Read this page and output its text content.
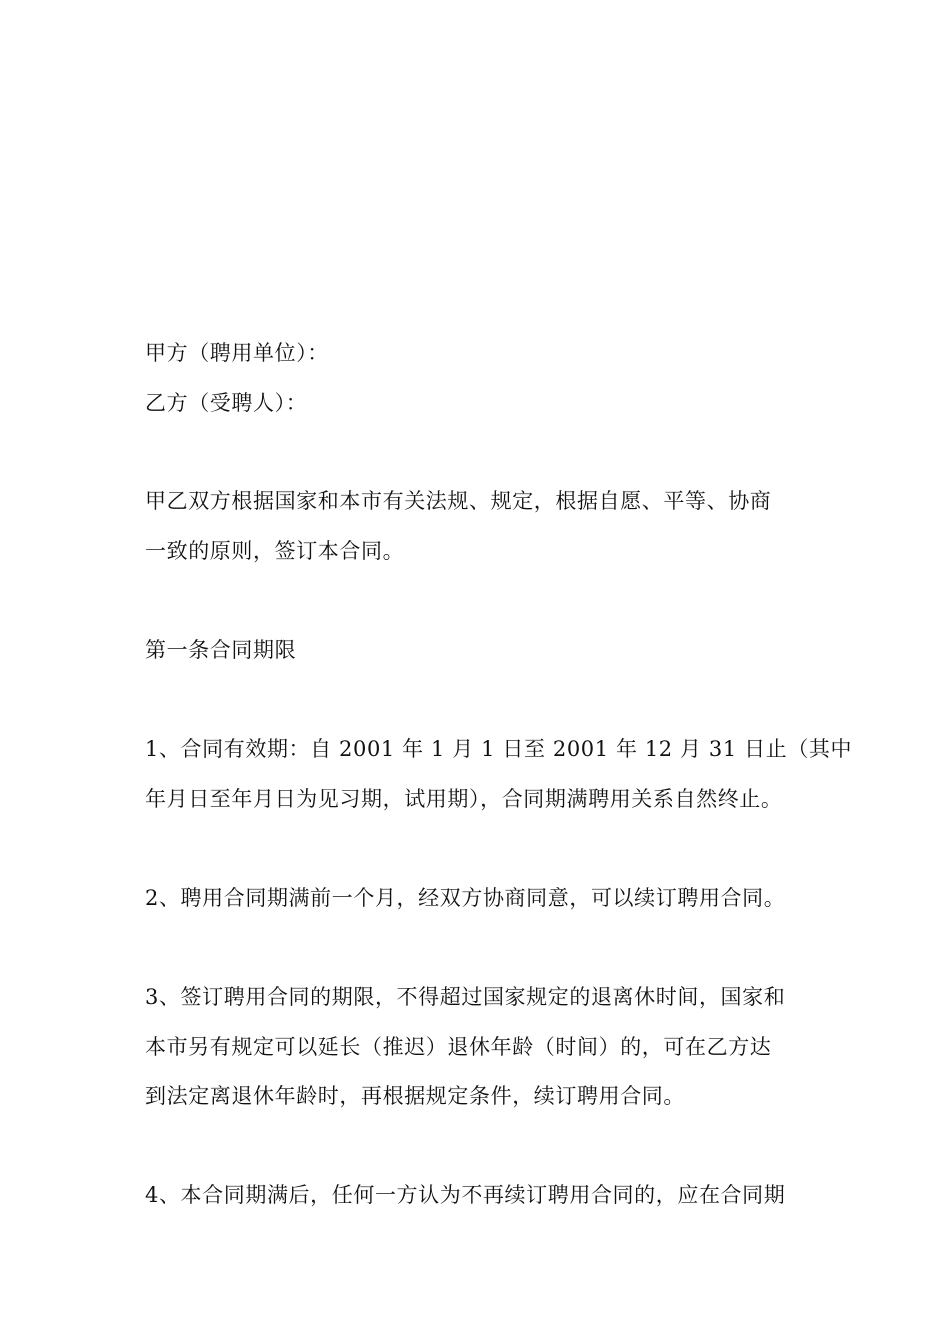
甲方（聘用单位）：
乙方（受聘人）：
甲乙双方根据国家和本市有关法规、规定，根据自愿、平等、协商
一致的原则，签订本合同。
第一条合同期限
1、合同有效期：自 2001 年 1 月 1 日至 2001 年 12 月 31 日止（其中
年月日至年月日为见习期，试用期），合同期满聘用关系自然终止。
2、聘用合同期满前一个月，经双方协商同意，可以续订聘用合同。
3、签订聘用合同的期限，不得超过国家规定的退离休时间，国家和
本市另有规定可以延长（推迟）退休年龄（时间）的，可在乙方达
到法定离退休年龄时，再根据规定条件，续订聘用合同。
4、本合同期满后，任何一方认为不再续订聘用合同的，应在合同期
